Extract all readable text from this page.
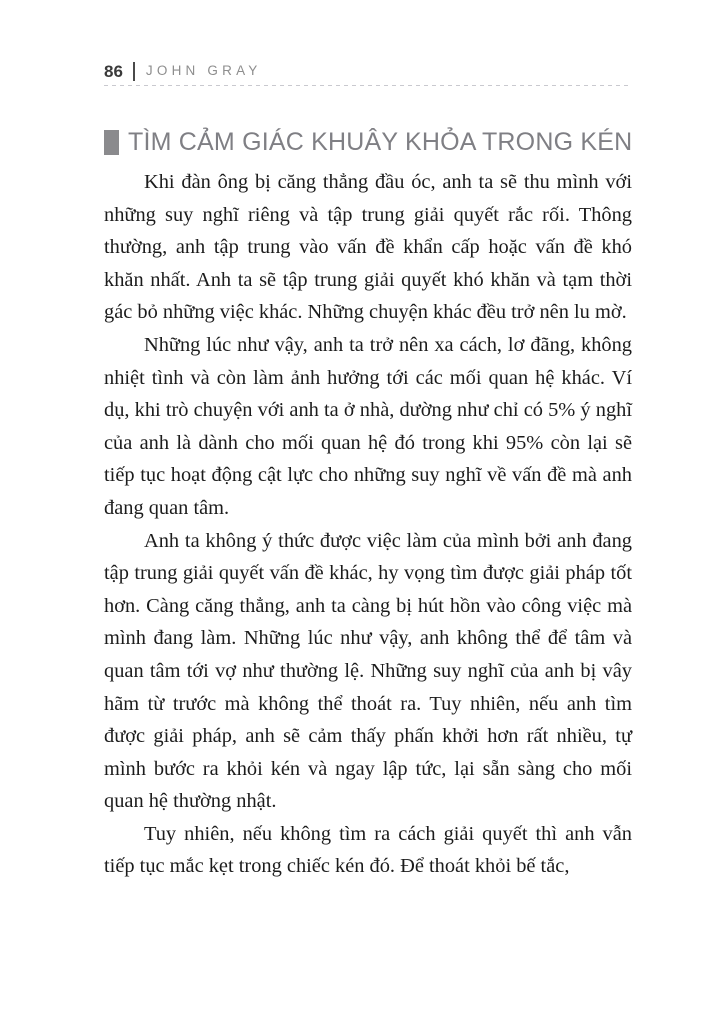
86 JOHN GRAY
TÌM CẢM GIÁC KHUÂY KHỎA TRONG KÉN

Khi đàn ông bị căng thẳng đầu óc, anh ta sẽ thu mình với những suy nghĩ riêng và tập trung giải quyết rắc rối. Thông thường, anh tập trung vào vấn đề khẩn cấp hoặc vấn đề khó khăn nhất. Anh ta sẽ tập trung giải quyết khó khăn và tạm thời gác bỏ những việc khác. Những chuyện khác đều trở nên lu mờ.

Những lúc như vậy, anh ta trở nên xa cách, lơ đãng, không nhiệt tình và còn làm ảnh hưởng tới các mối quan hệ khác. Ví dụ, khi trò chuyện với anh ta ở nhà, dường như chỉ có 5% ý nghĩ của anh là dành cho mối quan hệ đó trong khi 95% còn lại sẽ tiếp tục hoạt động cật lực cho những suy nghĩ về vấn đề mà anh đang quan tâm.

Anh ta không ý thức được việc làm của mình bởi anh đang tập trung giải quyết vấn đề khác, hy vọng tìm được giải pháp tốt hơn. Càng căng thẳng, anh ta càng bị hút hồn vào công việc mà mình đang làm. Những lúc như vậy, anh không thể để tâm và quan tâm tới vợ như thường lệ. Những suy nghĩ của anh bị vây hãm từ trước mà không thể thoát ra. Tuy nhiên, nếu anh tìm được giải pháp, anh sẽ cảm thấy phấn khởi hơn rất nhiều, tự mình bước ra khỏi kén và ngay lập tức, lại sẵn sàng cho mối quan hệ thường nhật.

Tuy nhiên, nếu không tìm ra cách giải quyết thì anh vẫn tiếp tục mắc kẹt trong chiếc kén đó. Để thoát khỏi bế tắc,
